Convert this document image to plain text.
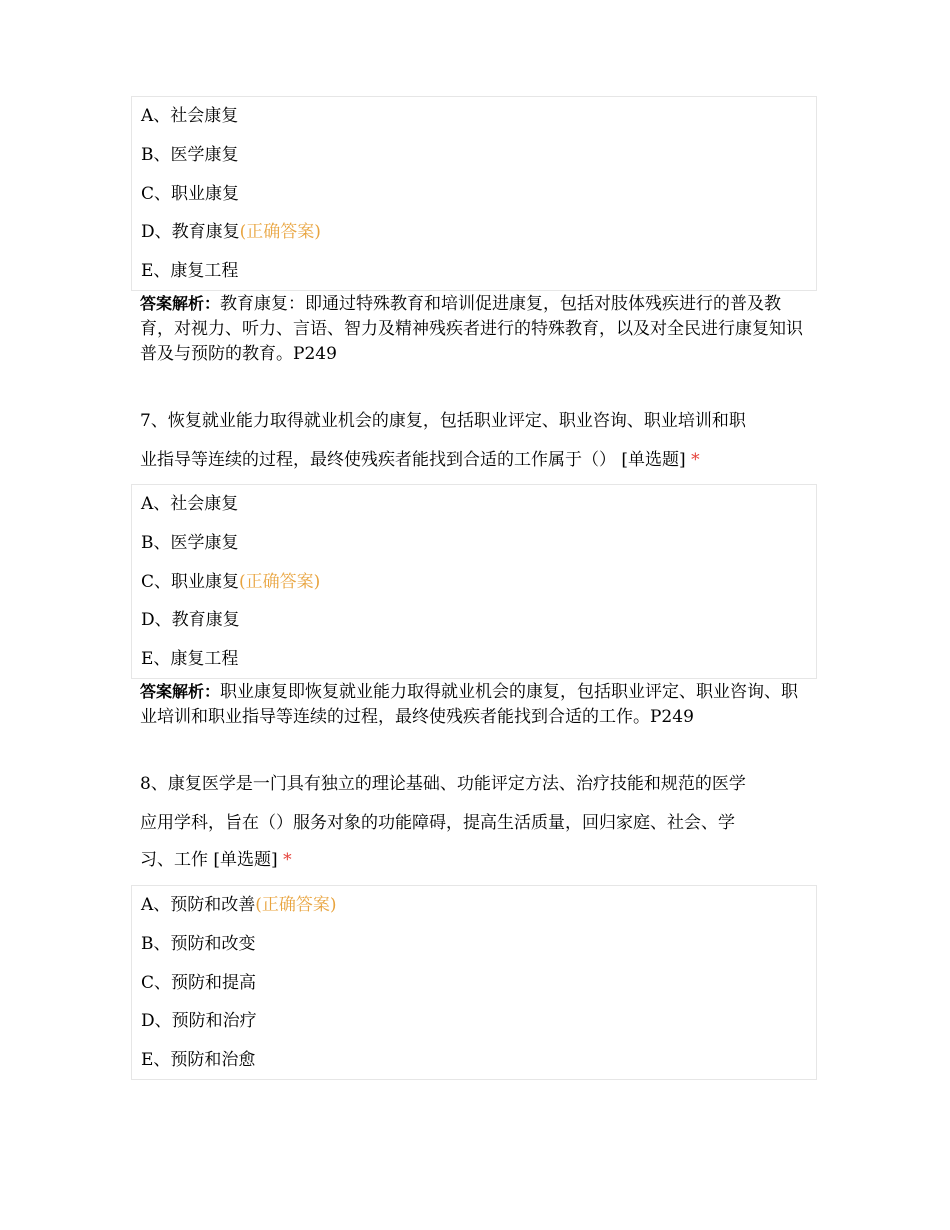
A、社会康复
B、医学康复
C、职业康复
D、教育康复(正确答案)
E、康复工程
答案解析：教育康复：即通过特殊教育和培训促进康复，包括对肢体残疾进行的普及教育，对视力、听力、言语、智力及精神残疾者进行的特殊教育，以及对全民进行康复知识普及与预防的教育。P249
7、恢复就业能力取得就业机会的康复，包括职业评定、职业咨询、职业培训和职
业指导等连续的过程，最终使残疾者能找到合适的工作属于（） [单选题] *
A、社会康复
B、医学康复
C、职业康复(正确答案)
D、教育康复
E、康复工程
答案解析：职业康复即恢复就业能力取得就业机会的康复，包括职业评定、职业咨询、职业培训和职业指导等连续的过程，最终使残疾者能找到合适的工作。P249
8、康复医学是一门具有独立的理论基础、功能评定方法、治疗技能和规范的医学
应用学科，旨在（）服务对象的功能障碍，提高生活质量，回归家庭、社会、学
习、工作 [单选题] *
A、预防和改善(正确答案)
B、预防和改变
C、预防和提高
D、预防和治疗
E、预防和治愈
